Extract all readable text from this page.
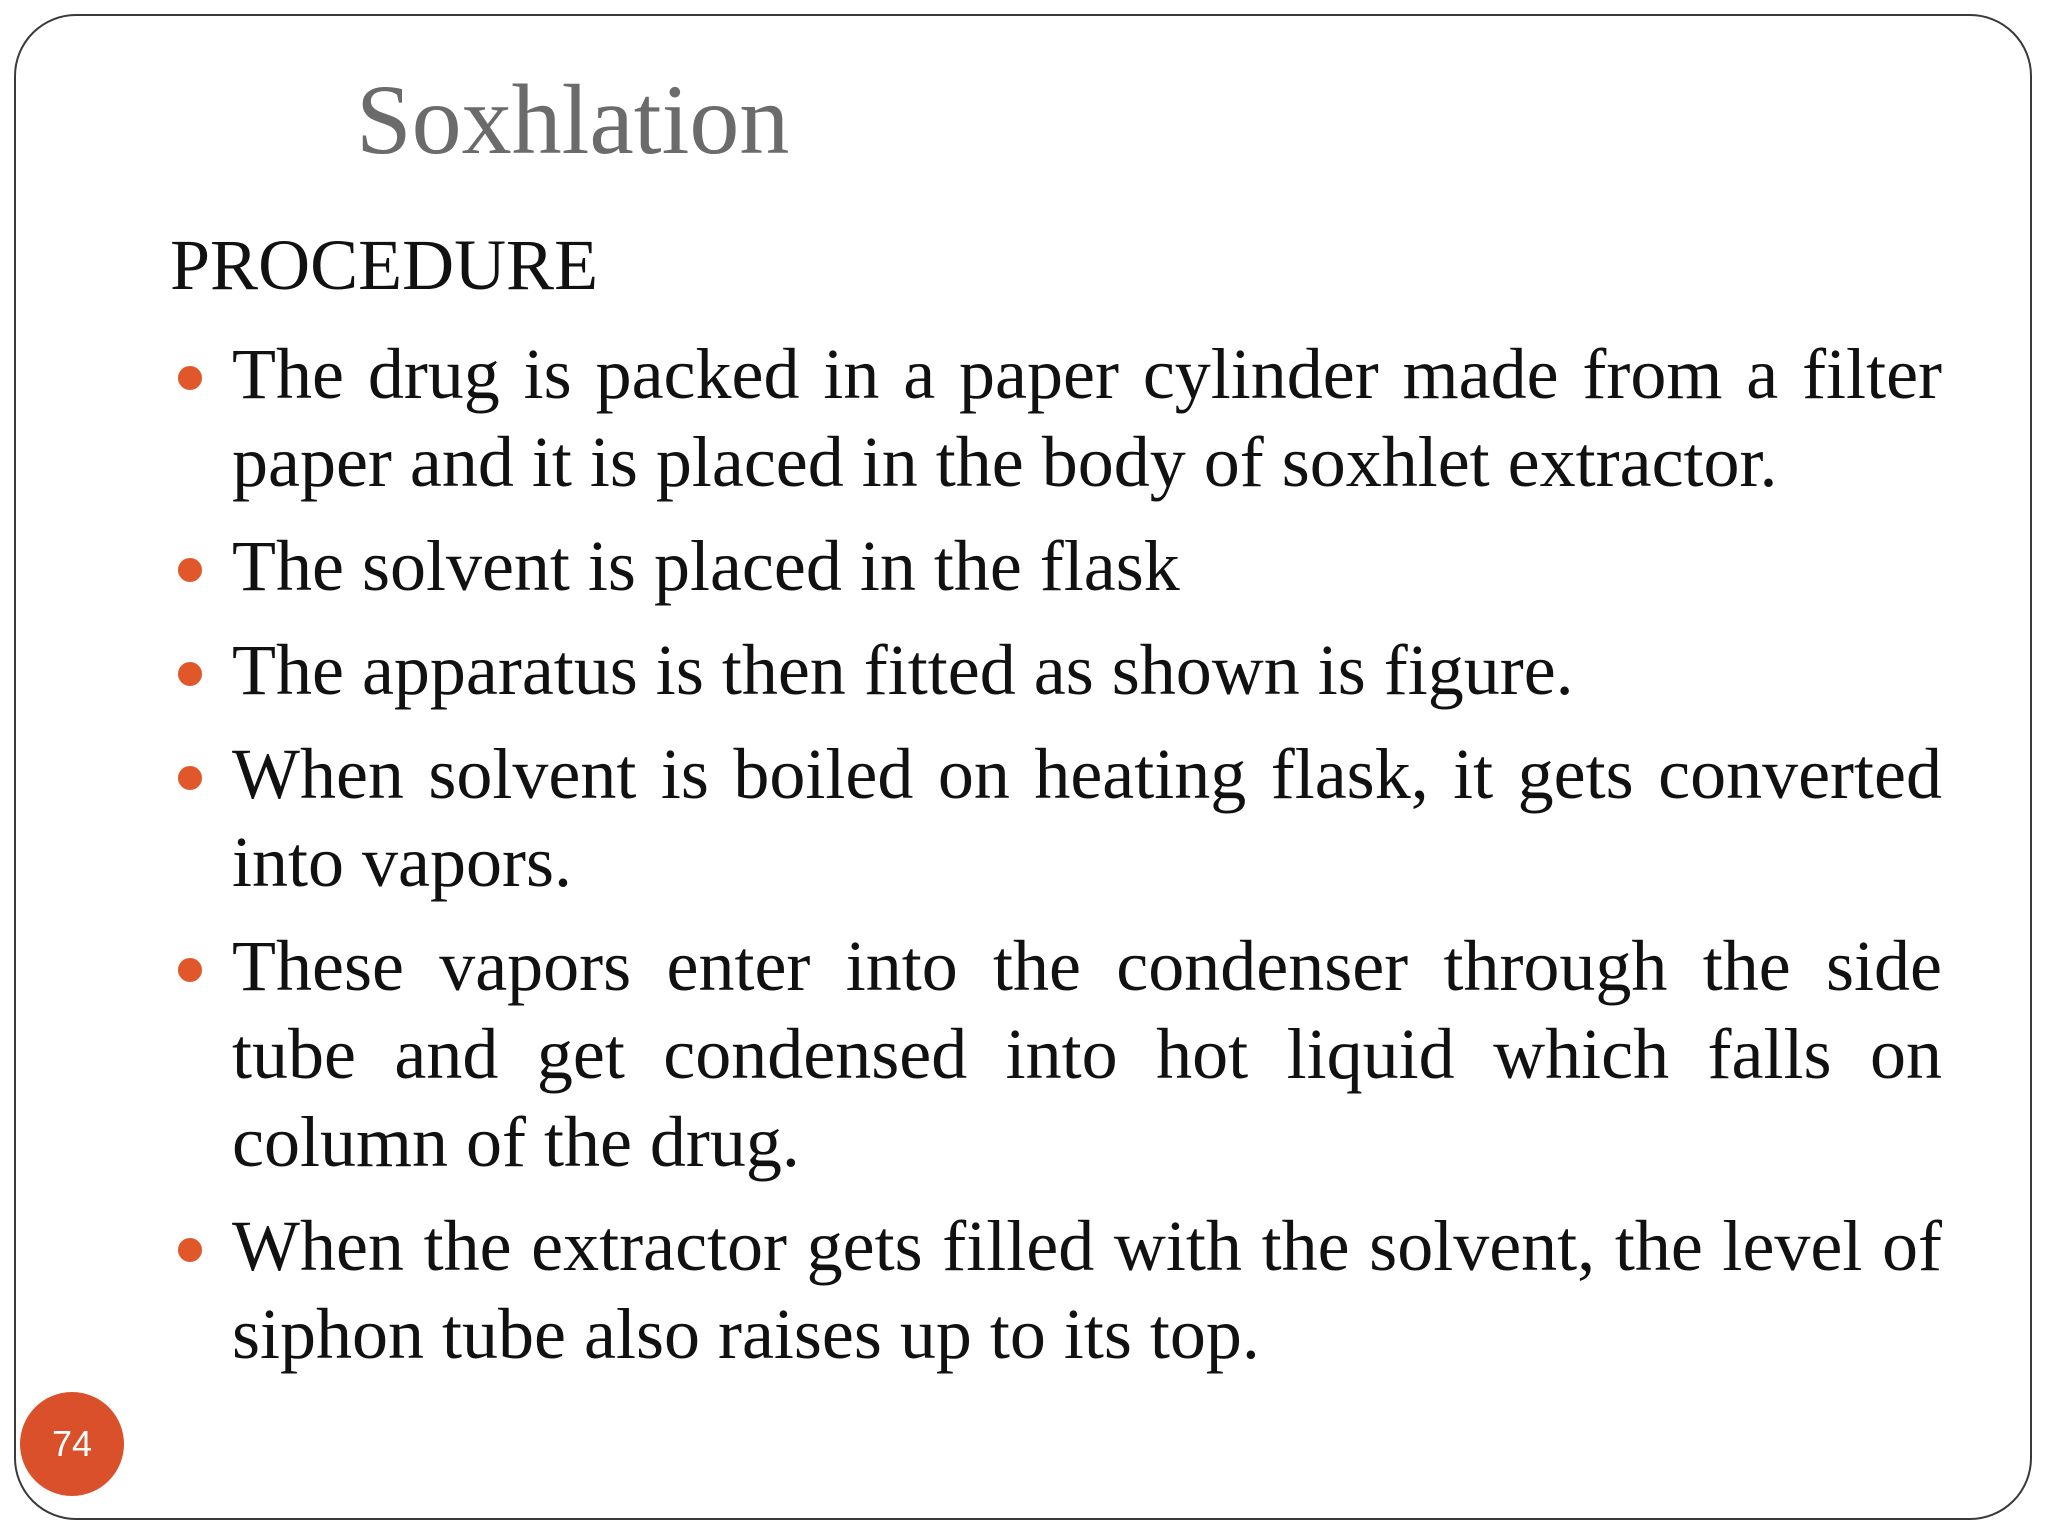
Soxhlation
PROCEDURE
The drug is packed in a paper cylinder made from a filter paper and it is placed in the body of soxhlet extractor.
The solvent is placed in the flask
The apparatus is then fitted as shown is figure.
When solvent is boiled on heating flask, it gets converted into vapors.
These vapors enter into the condenser through the side tube and get condensed into hot liquid which falls on column of the drug.
When the extractor gets filled with the solvent, the level of siphon tube also raises up to its top.
74
